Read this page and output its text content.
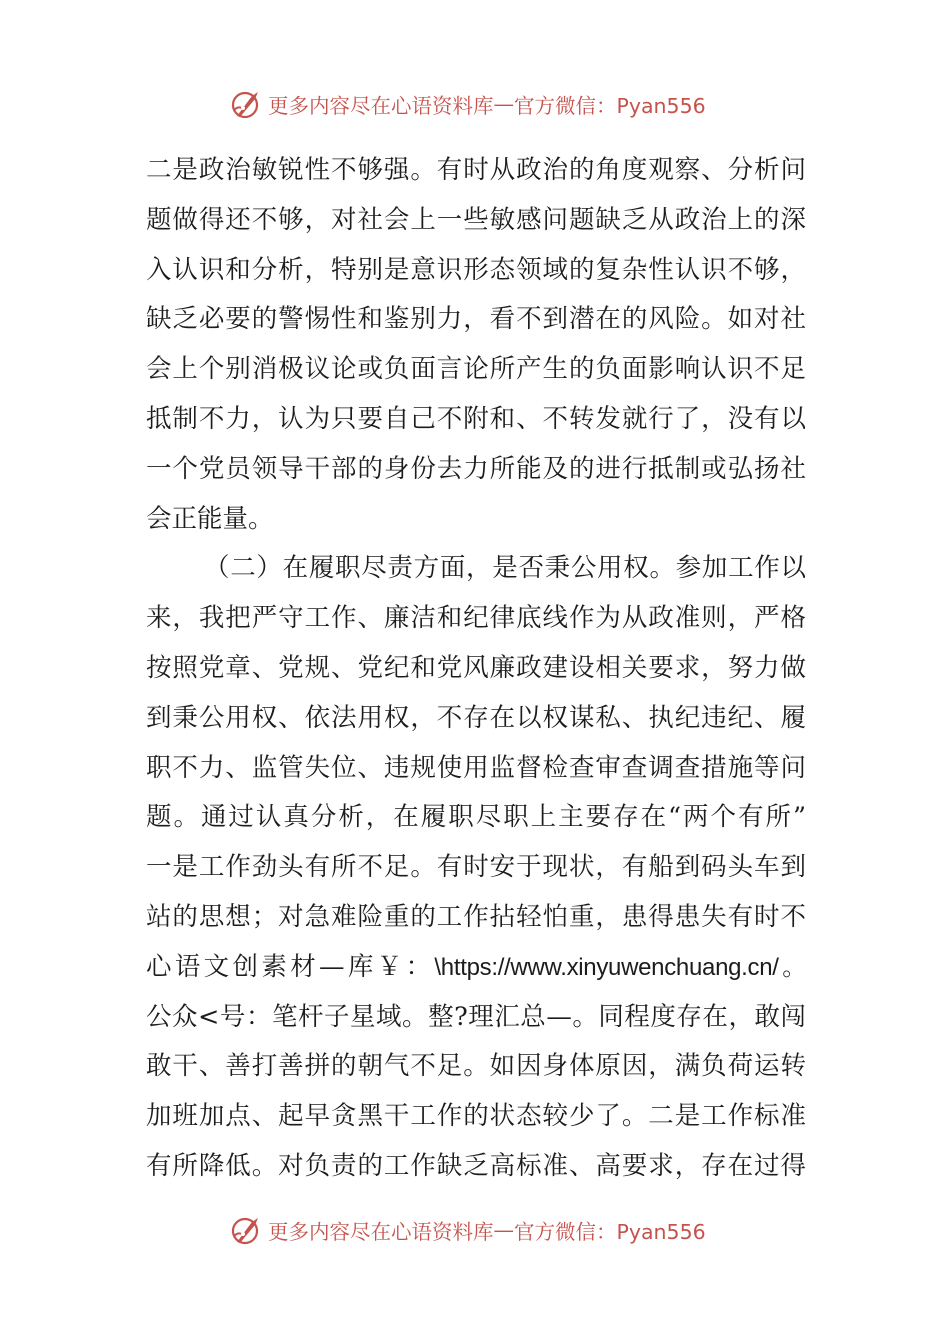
更多内容尽在心语资料库 — 官方微信：Pyan556
二是政治敏锐性不够强。有时从政治的角度观察、分析问
题做得还不够，对社会上一些敏感问题缺乏从政治上的深
入认识和分析，特别是意识形态领域的复杂性认识不够，
缺乏必要的警惕性和鉴别力，看不到潜在的风险。如对社
会上个别消极议论或负面言论所产生的负面影响认识不足
抵制不力，认为只要自己不附和、不转发就行了，没有以
一个党员领导干部的身份去力所能及的进行抵制或弘扬社
会正能量。
（二）在履职尽责方面，是否秉公用权。参加工作以
来，我把严守工作、廉洁和纪律底线作为从政准则，严格
按照党章、党规、党纪和党风廉政建设相关要求，努力做
到秉公用权、依法用权，不存在以权谋私、执纪违纪、履
职不力、监管失位、违规使用监督检查审查调查措施等问
题。通过认真分析，在履职尽职上主要存在“两个有所”
一是工作劲头有所不足。有时安于现状，有船到码头车到
站的思想；对急难险重的工作拈轻怕重，患得患失有时不
心语文创素材—库￥：\https://www.xinyuwenchuang.cn/。
公众<号：笔杆子星域。整?理汇总—。同程度存在，敢闯
敢干、善打善拼的朝气不足。如因身体原因，满负荷运转
加班加点、起早贪黑干工作的状态较少了。二是工作标准
有所降低。对负责的工作缺乏高标准、高要求，存在过得
更多内容尽在心语资料库 — 官方微信：Pyan556
